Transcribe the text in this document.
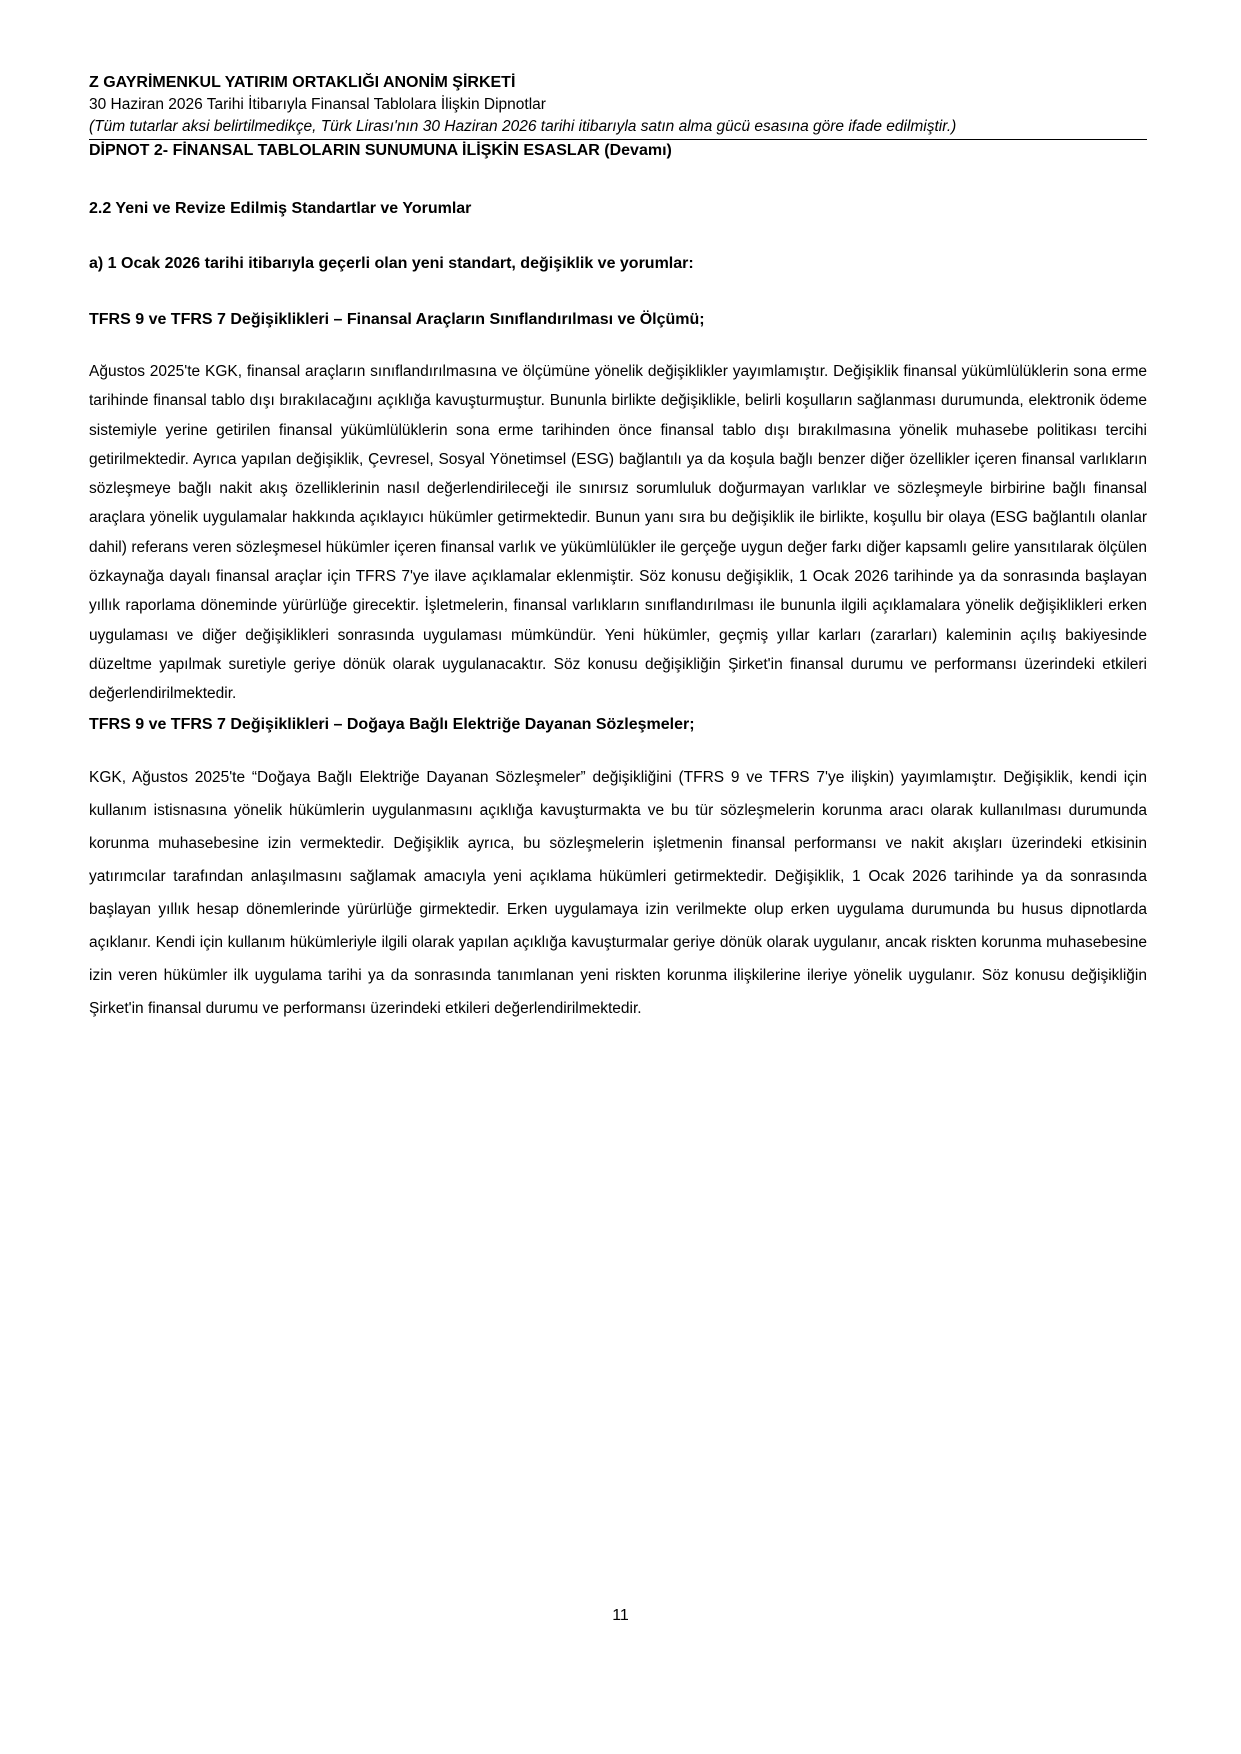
Z GAYRİMENKUL YATIRIM ORTAKLIĞI ANONİM ŞİRKETİ

30 Haziran 2026 Tarihi İtibarıyla Finansal Tablolara İlişkin Dipnotlar

(Tüm tutarlar aksi belirtilmedikçe, Türk Lirası'nın 30 Haziran 2026 tarihi itibarıyla satın alma gücü esasına göre ifade edilmiştir.)

DİPNOT 2- FİNANSAL TABLOLARIN SUNUMUNA İLİŞKİN ESASLAR (Devamı)

2.2 Yeni ve Revize Edilmiş Standartlar ve Yorumlar

a) 1 Ocak 2026 tarihi itibarıyla geçerli olan yeni standart, değişiklik ve yorumlar:

TFRS 9 ve TFRS 7 Değişiklikleri – Finansal Araçların Sınıflandırılması ve Ölçümü;

Ağustos 2025'te KGK, finansal araçların sınıflandırılmasına ve ölçümüne yönelik değişiklikler yayımlamıştır. Değişiklik finansal yükümlülüklerin sona erme tarihinde finansal tablo dışı bırakılacağını açıklığa kavuşturmuştur. Bununla birlikte değişiklikle, belirli koşulların sağlanması durumunda, elektronik ödeme sistemiyle yerine getirilen finansal yükümlülüklerin sona erme tarihinden önce finansal tablo dışı bırakılmasına yönelik muhasebe politikası tercihi getirilmektedir. Ayrıca yapılan değişiklik, Çevresel, Sosyal Yönetimsel (ESG) bağlantılı ya da koşula bağlı benzer diğer özellikler içeren finansal varlıkların sözleşmeye bağlı nakit akış özelliklerinin nasıl değerlendirileceği ile sınırsız sorumluluk doğurmayan varlıklar ve sözleşmeyle birbirine bağlı finansal araçlara yönelik uygulamalar hakkında açıklayıcı hükümler getirmektedir. Bunun yanı sıra bu değişiklik ile birlikte, koşullu bir olaya (ESG bağlantılı olanlar dahil) referans veren sözleşmesel hükümler içeren finansal varlık ve yükümlülükler ile gerçeğe uygun değer farkı diğer kapsamlı gelire yansıtılarak ölçülen özkaynağa dayalı finansal araçlar için TFRS 7'ye ilave açıklamalar eklenmiştir. Söz konusu değişiklik, 1 Ocak 2026 tarihinde ya da sonrasında başlayan yıllık raporlama döneminde yürürlüğe girecektir. İşletmelerin, finansal varlıkların sınıflandırılması ile bununla ilgili açıklamalara yönelik değişiklikleri erken uygulaması ve diğer değişiklikleri sonrasında uygulaması mümkündür. Yeni hükümler, geçmiş yıllar karları (zararları) kaleminin açılış bakiyesinde düzeltme yapılmak suretiyle geriye dönük olarak uygulanacaktır. Söz konusu değişikliğin Şirket'in finansal durumu ve performansı üzerindeki etkileri değerlendirilmektedir.

TFRS 9 ve TFRS 7 Değişiklikleri – Doğaya Bağlı Elektriğe Dayanan Sözleşmeler;

KGK, Ağustos 2025'te “Doğaya Bağlı Elektriğe Dayanan Sözleşmeler” değişikliğini (TFRS 9 ve TFRS 7'ye ilişkin) yayımlamıştır. Değişiklik, kendi için kullanım istisnasına yönelik hükümlerin uygulanmasını açıklığa kavuşturmakta ve bu tür sözleşmelerin korunma aracı olarak kullanılması durumunda korunma muhasebesine izin vermektedir. Değişiklik ayrıca, bu sözleşmelerin işletmenin finansal performansı ve nakit akışları üzerindeki etkisinin yatırımcılar tarafından anlaşılmasını sağlamak amacıyla yeni açıklama hükümleri getirmektedir. Değişiklik, 1 Ocak 2026 tarihinde ya da sonrasında başlayan yıllık hesap dönemlerinde yürürlüğe girmektedir. Erken uygulamaya izin verilmekte olup erken uygulama durumunda bu husus dipnotlarda açıklanır. Kendi için kullanım hükümleriyle ilgili olarak yapılan açıklığa kavuşturmalar geriye dönük olarak uygulanır, ancak riskten korunma muhasebesine izin veren hükümler ilk uygulama tarihi ya da sonrasında tanımlanan yeni riskten korunma ilişkilerine ileriye yönelik uygulanır. Söz konusu değişikliğin Şirket'in finansal durumu ve performansı üzerindeki etkileri değerlendirilmektedir.

11
